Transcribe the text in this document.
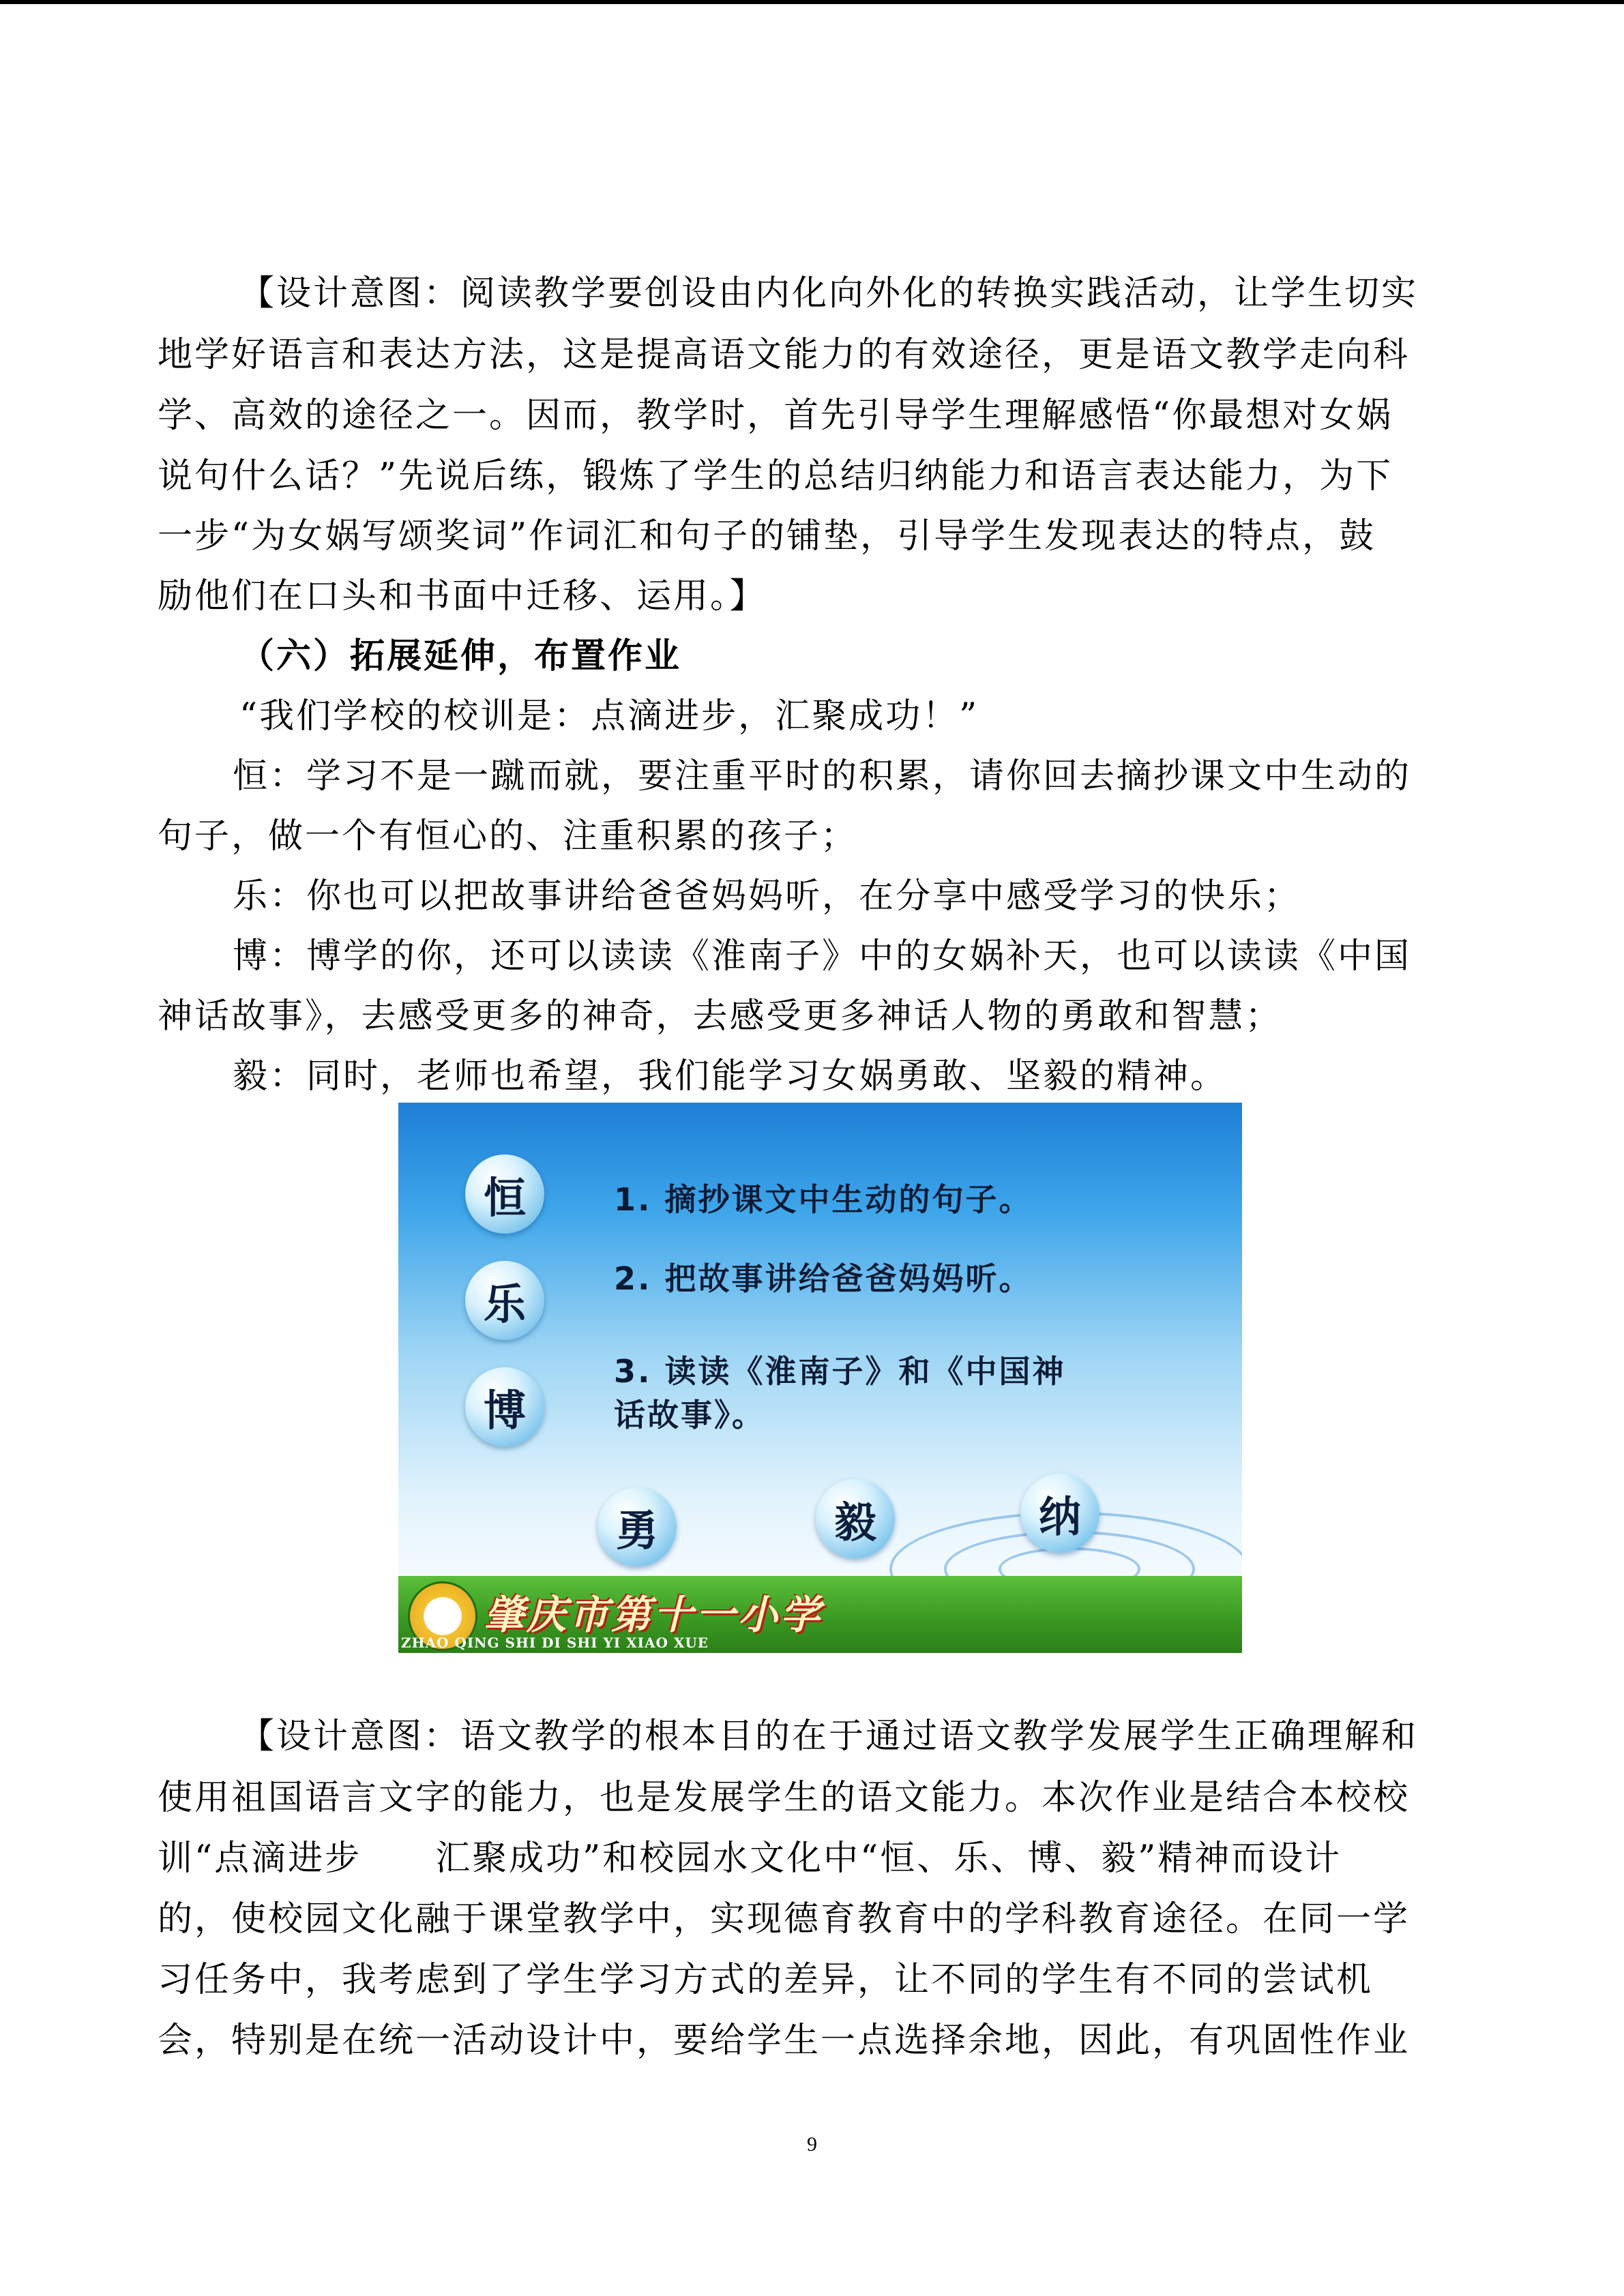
【设计意图：阅读教学要创设由内化向外化的转换实践活动，让学生切实
地学好语言和表达方法，这是提高语文能力的有效途径，更是语文教学走向科
学、高效的途径之一。因而，教学时，首先引导学生理解感悟“你最想对女娲
说句什么话？”先说后练，锻炼了学生的总结归纳能力和语言表达能力，为下
一步“为女娲写颂奖词”作词汇和句子的铺垫，引导学生发现表达的特点，鼓
励他们在口头和书面中迁移、运用。】
（六）拓展延伸，布置作业
“我们学校的校训是：点滴进步，汇聚成功！”
恒：学习不是一蹴而就，要注重平时的积累，请你回去摘抄课文中生动的
句子，做一个有恒心的、注重积累的孩子；
乐：你也可以把故事讲给爸爸妈妈听，在分享中感受学习的快乐；
博：博学的你，还可以读读《淮南子》中的女娲补天，也可以读读《中国
神话故事》，去感受更多的神奇，去感受更多神话人物的勇敢和智慧；
毅：同时，老师也希望，我们能学习女娲勇敢、坚毅的精神。
恒
乐
博
勇	毅	纳
1. 摘抄课文中生动的句子。
2. 把故事讲给爸爸妈妈听。
3. 读读《淮南子》和《中国神
话故事》。
肇庆市第十一小学
ZHAO QING SHI DI SHI YI XIAO XUE
【设计意图：语文教学的根本目的在于通过语文教学发展学生正确理解和
使用祖国语言文字的能力，也是发展学生的语文能力。本次作业是结合本校校
训“点滴进步　　汇聚成功”和校园水文化中“恒、乐、博、毅”精神而设计
的，使校园文化融于课堂教学中，实现德育教育中的学科教育途径。在同一学
习任务中，我考虑到了学生学习方式的差异，让不同的学生有不同的尝试机
会，特别是在统一活动设计中，要给学生一点选择余地，因此，有巩固性作业
9
